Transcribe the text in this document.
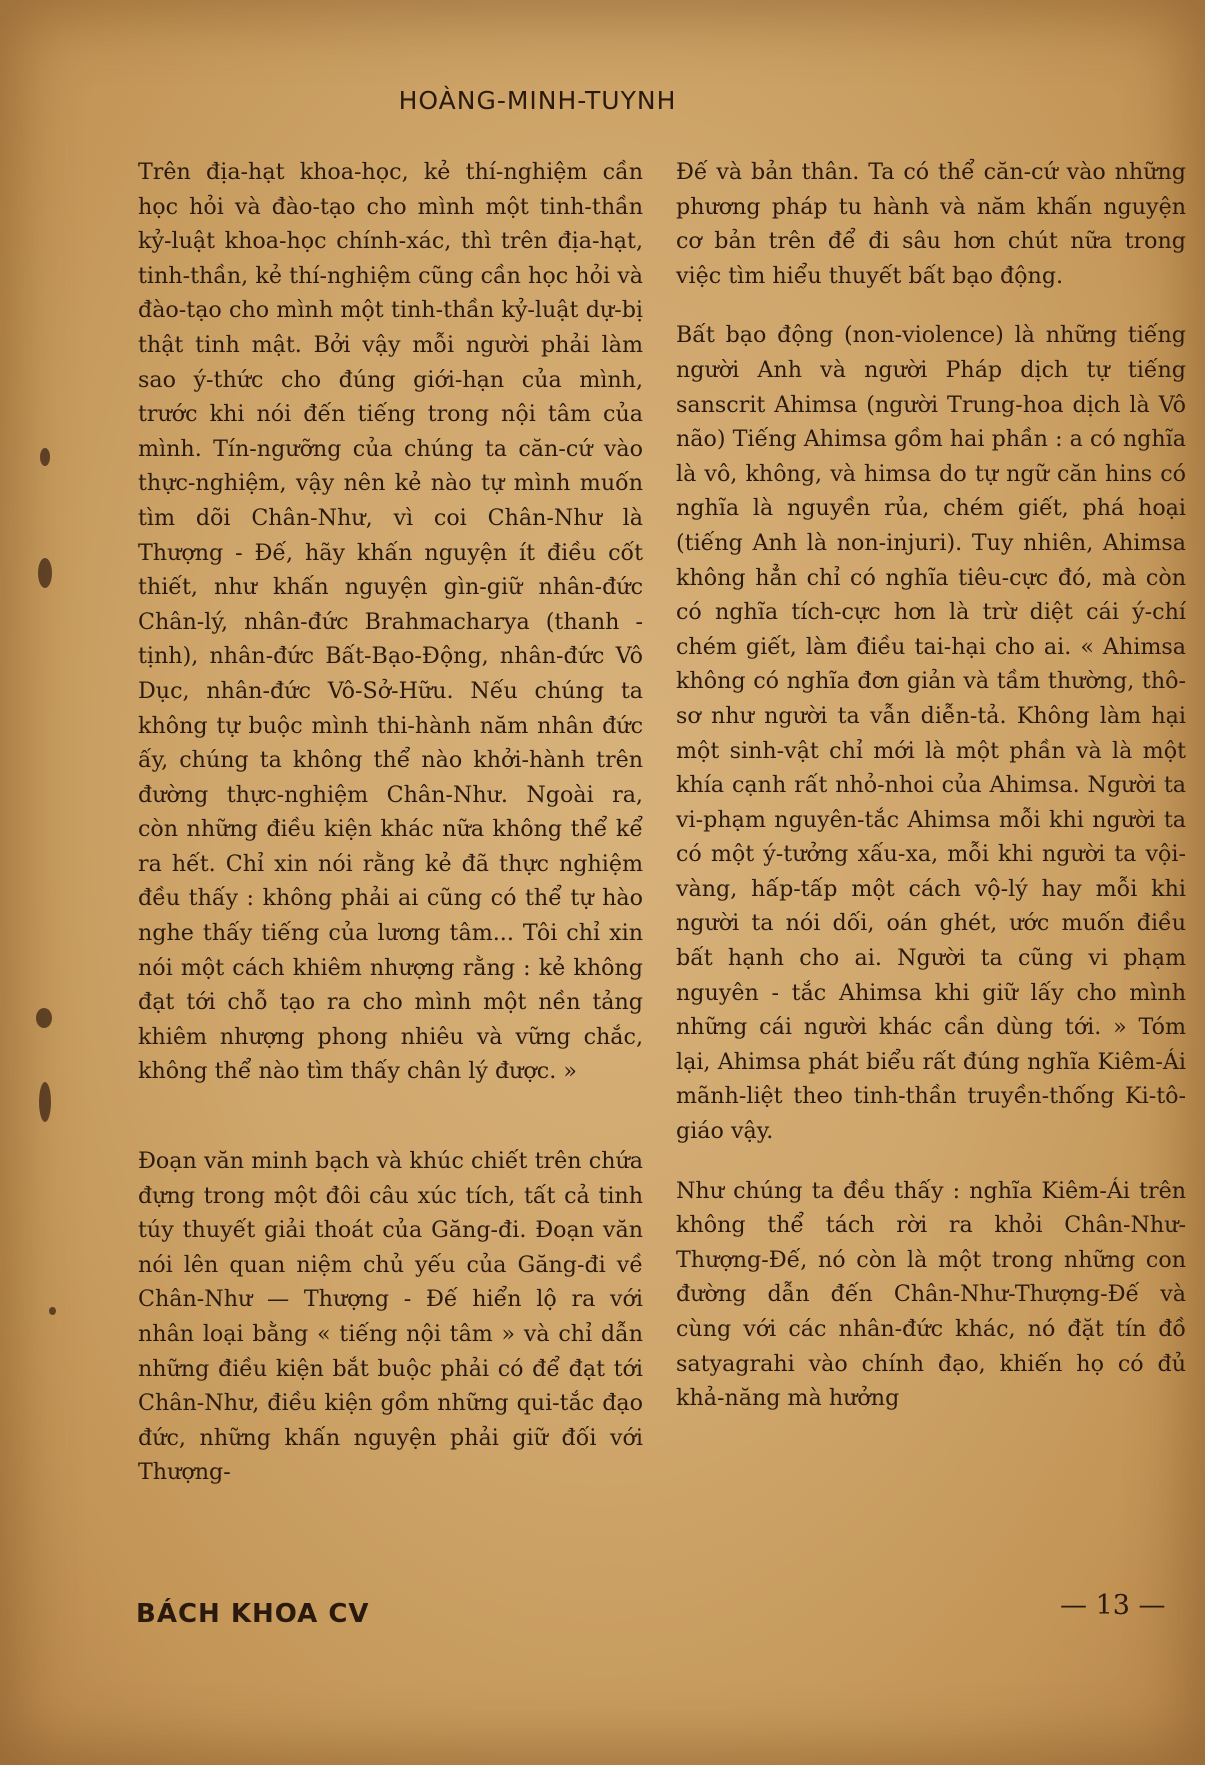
HOÀNG-MINH-TUYNH

Trên địa-hạt khoa-học, kẻ thí-nghiệm cần học hỏi và đào-tạo cho mình một tinh-thần kỷ-luật khoa-học chính-xác, thì trên địa-hạt, tinh-thần, kẻ thí-nghiệm cũng cần học hỏi và đào-tạo cho mình một tinh-thần kỷ-luật dự-bị thật tinh mật. Bởi vậy mỗi người phải làm sao ý-thức cho đúng giới-hạn của mình, trước khi nói đến tiếng trong nội tâm của mình. Tín-ngưỡng của chúng ta căn-cứ vào thực-nghiệm, vậy nên kẻ nào tự mình muốn tìm dõi Chân-Như, vì coi Chân-Như là Thượng - Đế, hãy khấn nguyện ít điều cốt thiết, như khấn nguyện gìn-giữ nhân-đức Chân-lý, nhân-đức Brahmacharya (thanh - tịnh), nhân-đức Bất-Bạo-Động, nhân-đức Vô Dục, nhân-đức Vô-Sở-Hữu. Nếu chúng ta không tự buộc mình thi-hành năm nhân đức ấy, chúng ta không thể nào khởi-hành trên đường thực-nghiệm Chân-Như. Ngoài ra, còn những điều kiện khác nữa không thể kể ra hết. Chỉ xin nói rằng kẻ đã thực nghiệm đều thấy : không phải ai cũng có thể tự hào nghe thấy tiếng của lương tâm... Tôi chỉ xin nói một cách khiêm nhượng rằng : kẻ không đạt tới chỗ tạo ra cho mình một nền tảng khiêm nhượng phong nhiêu và vững chắc, không thể nào tìm thấy chân lý được. »

Đoạn văn minh bạch và khúc chiết trên chứa đựng trong một đôi câu xúc tích, tất cả tinh túy thuyết giải thoát của Găng-đi. Đoạn văn nói lên quan niệm chủ yếu của Găng-đi về Chân-Như — Thượng - Đế hiển lộ ra với nhân loại bằng « tiếng nội tâm » và chỉ dẫn những điều kiện bắt buộc phải có để đạt tới Chân-Như, điều kiện gồm những qui-tắc đạo đức, những khấn nguyện phải giữ đối với Thượng-

Đế và bản thân. Ta có thể căn-cứ vào những phương pháp tu hành và năm khấn nguyện cơ bản trên để đi sâu hơn chút nữa trong việc tìm hiểu thuyết bất bạo động.

Bất bạo động (non-violence) là những tiếng người Anh và người Pháp dịch tự tiếng sanscrit Ahimsa (người Trung-hoa dịch là Vô não) Tiếng Ahimsa gồm hai phần : a có nghĩa là vô, không, và himsa do tự ngữ căn hins có nghĩa là nguyền rủa, chém giết, phá hoại (tiếng Anh là non-injuri). Tuy nhiên, Ahimsa không hẳn chỉ có nghĩa tiêu-cực đó, mà còn có nghĩa tích-cực hơn là trừ diệt cái ý-chí chém giết, làm điều tai-hại cho ai. « Ahimsa không có nghĩa đơn giản và tầm thường, thô-sơ như người ta vẫn diễn-tả. Không làm hại một sinh-vật chỉ mới là một phần và là một khía cạnh rất nhỏ-nhoi của Ahimsa. Người ta vi-phạm nguyên-tắc Ahimsa mỗi khi người ta có một ý-tưởng xấu-xa, mỗi khi người ta vội-vàng, hấp-tấp một cách vộ-lý hay mỗi khi người ta nói dối, oán ghét, ước muốn điều bất hạnh cho ai. Người ta cũng vi phạm nguyên - tắc Ahimsa khi giữ lấy cho mình những cái người khác cần dùng tới. » Tóm lại, Ahimsa phát biểu rất đúng nghĩa Kiêm-Ái mãnh-liệt theo tinh-thần truyền-thống Ki-tô-giáo vậy.

Như chúng ta đều thấy : nghĩa Kiêm-Ái trên không thể tách rời ra khỏi Chân-Như-Thượng-Đế, nó còn là một trong những con đường dẫn đến Chân-Như-Thượng-Đế và cùng với các nhân-đức khác, nó đặt tín đồ satyagrahi vào chính đạo, khiến họ có đủ khả-năng mà hưởng

BÁCH KHOA CV	— 13 —
